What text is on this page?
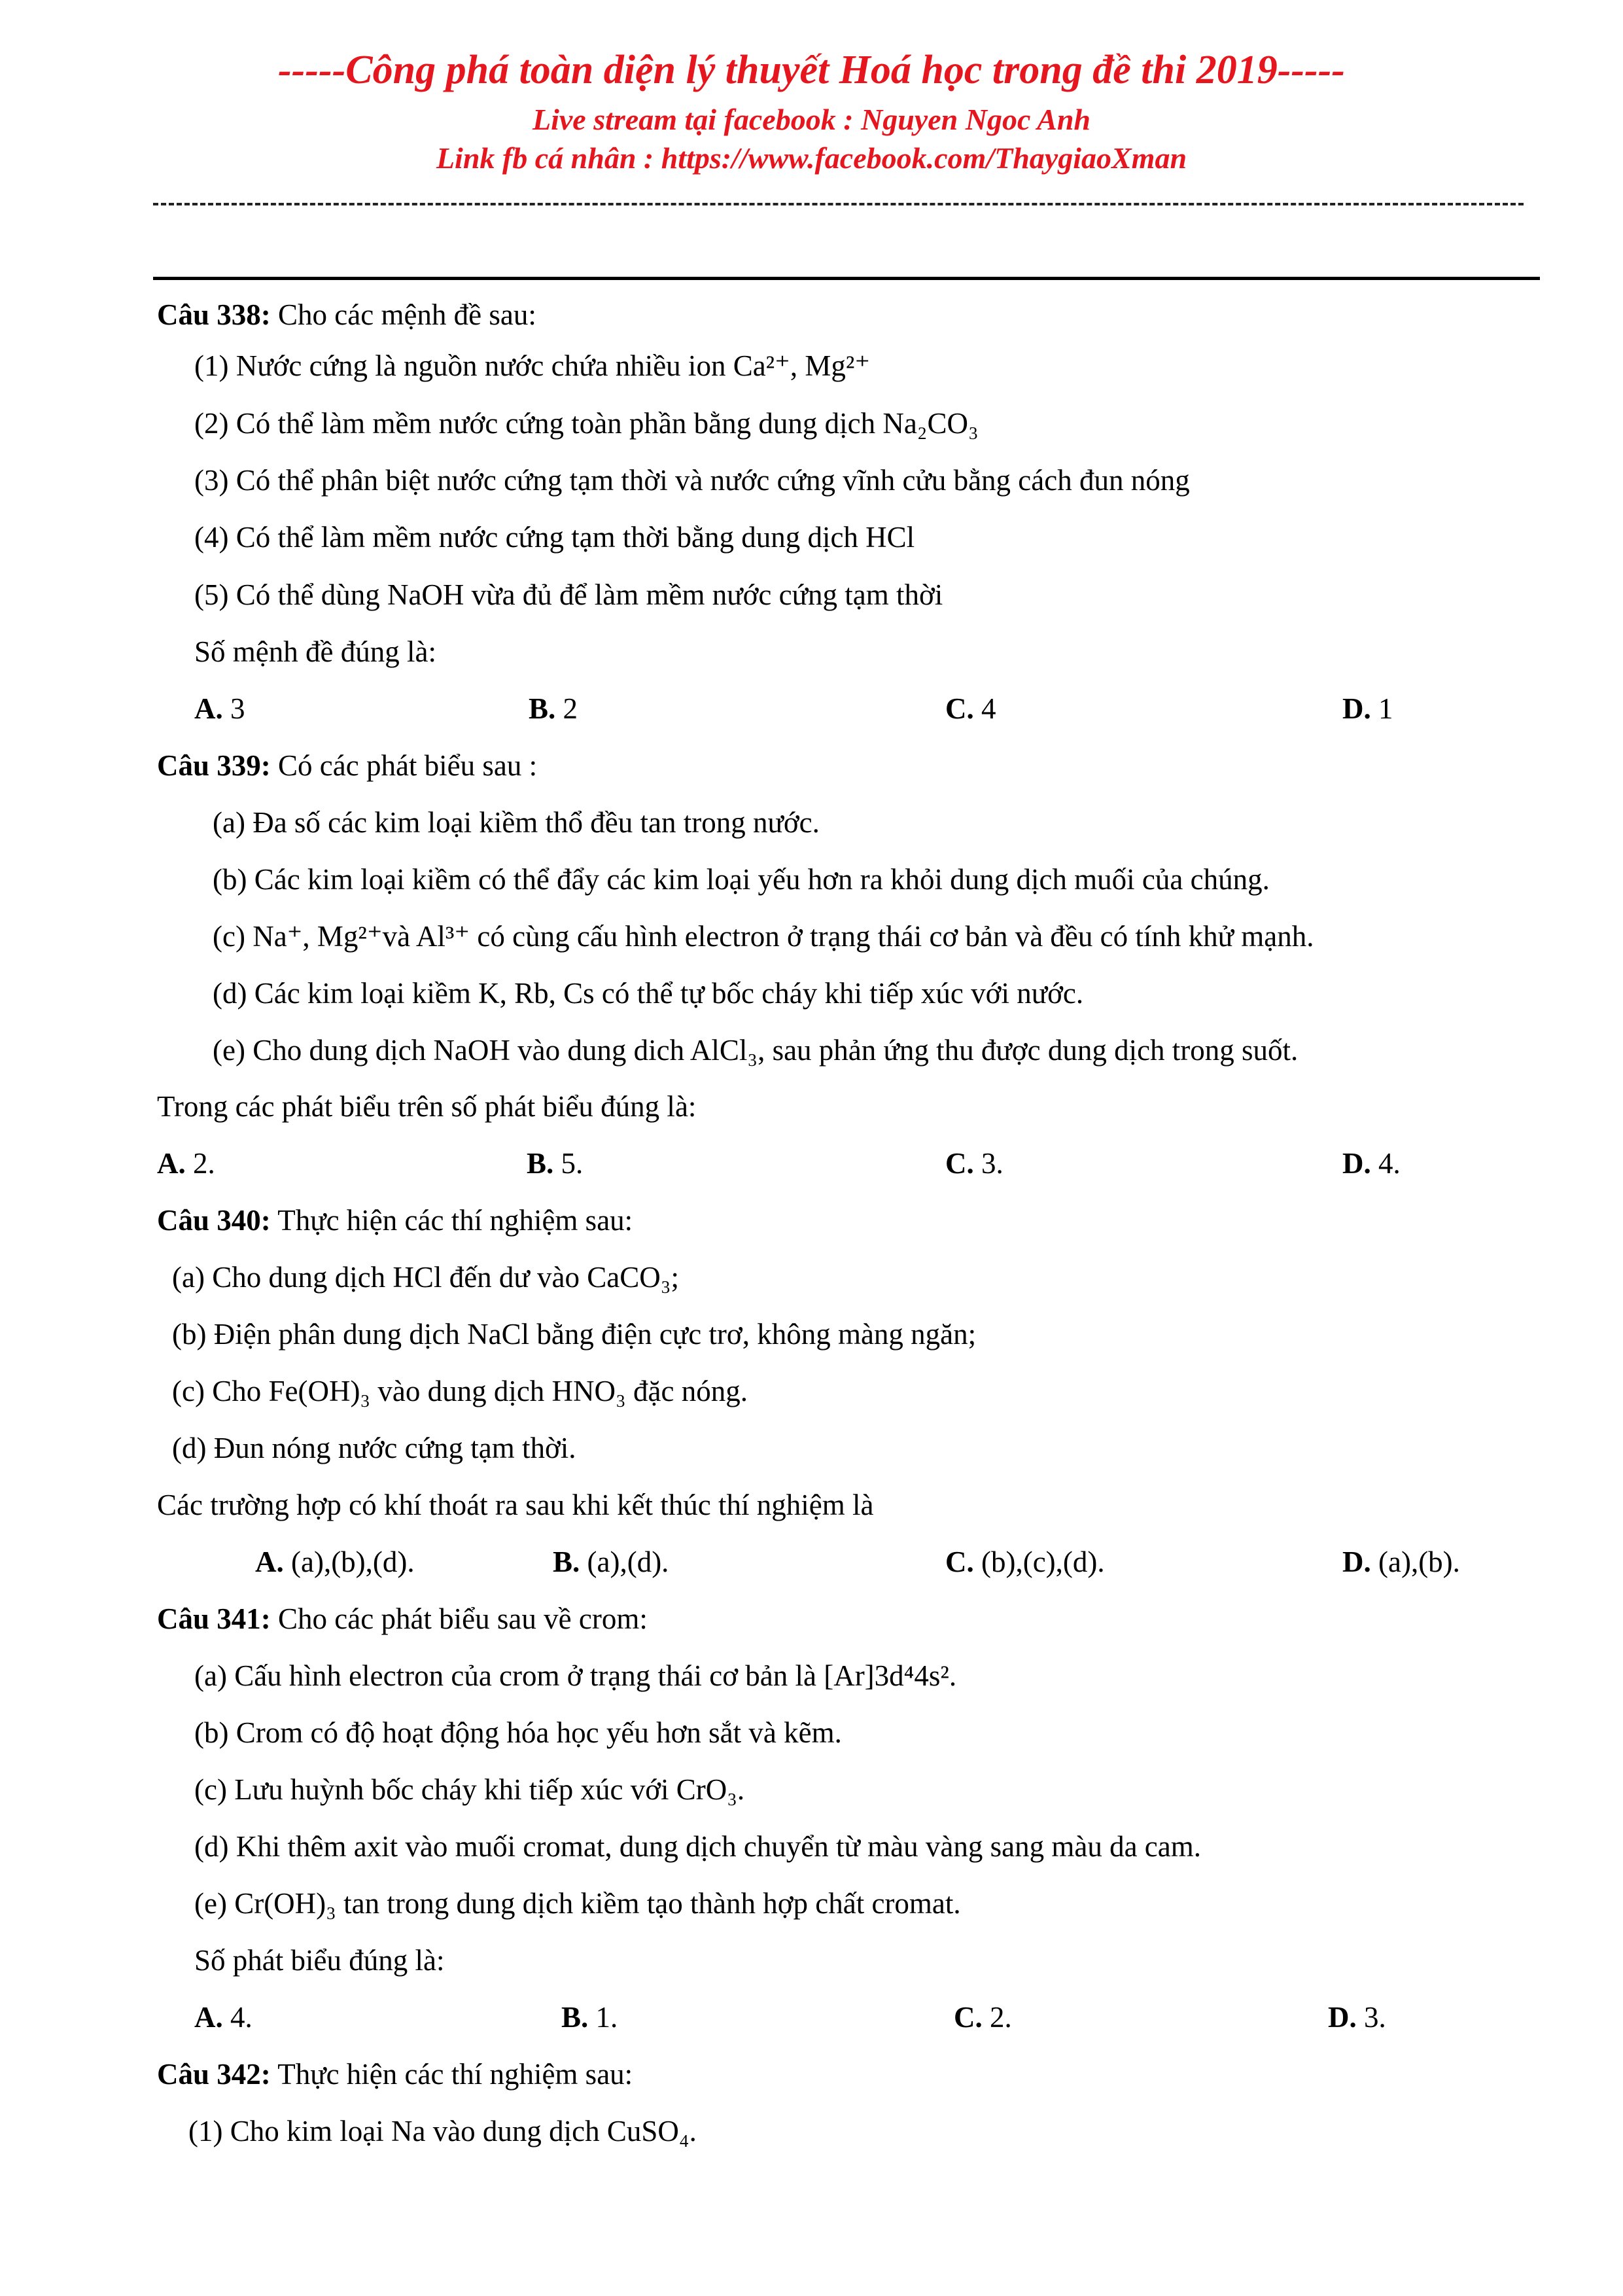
-----Công phá toàn diện lý thuyết Hoá học trong đề thi 2019-----
Live stream tại facebook : Nguyen Ngoc Anh
Link fb cá nhân : https://www.facebook.com/ThaygiaoXman
Câu 338: Cho các mệnh đề sau:
(1) Nước cứng là nguồn nước chứa nhiều ion Ca²⁺, Mg²⁺
(2) Có thể làm mềm nước cứng toàn phần bằng dung dịch Na₂CO₃
(3) Có thể phân biệt nước cứng tạm thời và nước cứng vĩnh cửu bằng cách đun nóng
(4) Có thể làm mềm nước cứng tạm thời bằng dung dịch HCl
(5) Có thể dùng NaOH vừa đủ để làm mềm nước cứng tạm thời
Số mệnh đề đúng là:
A. 3	B. 2	C. 4	D. 1
Câu 339: Có các phát biểu sau :
(a) Đa số các kim loại kiềm thổ đều tan trong nước.
(b) Các kim loại kiềm có thể đẩy các kim loại yếu hơn ra khỏi dung dịch muối của chúng.
(c) Na⁺, Mg²⁺và Al³⁺ có cùng cấu hình electron ở trạng thái cơ bản và đều có tính khử mạnh.
(d) Các kim loại kiềm K, Rb, Cs có thể tự bốc cháy khi tiếp xúc với nước.
(e) Cho dung dịch NaOH vào dung dich AlCl₃, sau phản ứng thu được dung dịch trong suốt.
Trong các phát biểu trên số phát biểu đúng là:
A. 2.	B. 5.	C. 3.	D. 4.
Câu 340: Thực hiện các thí nghiệm sau:
(a) Cho dung dịch HCl đến dư vào CaCO₃;
(b) Điện phân dung dịch NaCl bằng điện cực trơ, không màng ngăn;
(c) Cho Fe(OH)₃ vào dung dịch HNO₃ đặc nóng.
(d) Đun nóng nước cứng tạm thời.
Các trường hợp có khí thoát ra sau khi kết thúc thí nghiệm là
A. (a),(b),(d).	B. (a),(d).	C. (b),(c),(d).	D. (a),(b).
Câu 341: Cho các phát biểu sau về crom:
(a) Cấu hình electron của crom ở trạng thái cơ bản là [Ar]3d⁴4s².
(b) Crom có độ hoạt động hóa học yếu hơn sắt và kẽm.
(c) Lưu huỳnh bốc cháy khi tiếp xúc với CrO₃.
(d) Khi thêm axit vào muối cromat, dung dịch chuyển từ màu vàng sang màu da cam.
(e) Cr(OH)₃ tan trong dung dịch kiềm tạo thành hợp chất cromat.
Số phát biểu đúng là:
A. 4.	B. 1.	C. 2.	D. 3.
Câu 342: Thực hiện các thí nghiệm sau:
(1) Cho kim loại Na vào dung dịch CuSO₄.
